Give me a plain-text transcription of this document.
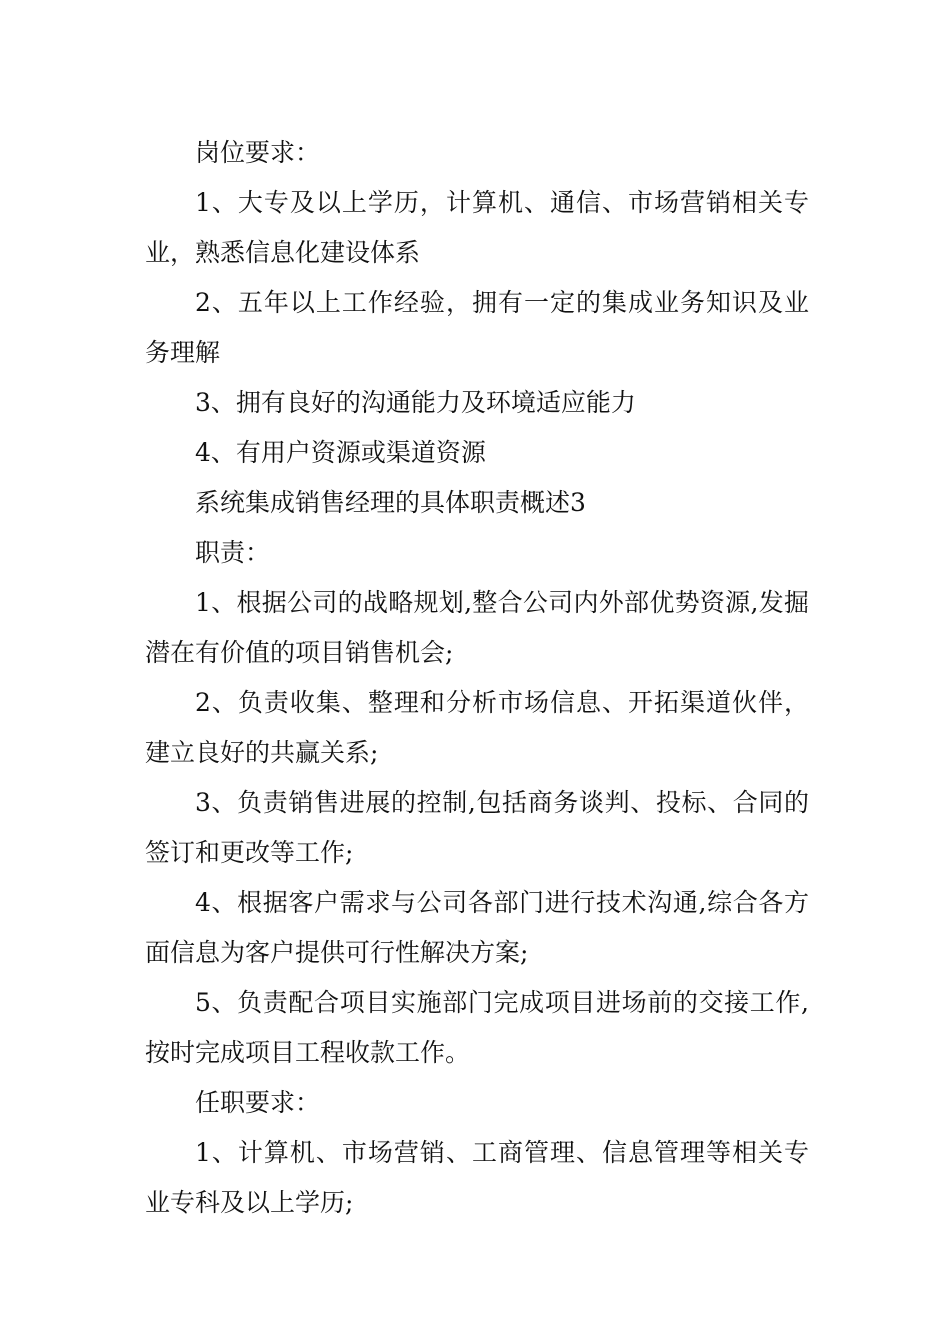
岗位要求：

1、大专及以上学历，计算机、通信、市场营销相关专业，熟悉信息化建设体系

2、五年以上工作经验，拥有一定的集成业务知识及业务理解

3、拥有良好的沟通能力及环境适应能力

4、有用户资源或渠道资源

系统集成销售经理的具体职责概述3

职责：

1、根据公司的战略规划,整合公司内外部优势资源,发掘潜在有价值的项目销售机会;

2、负责收集、整理和分析市场信息、开拓渠道伙伴，建立良好的共赢关系;

3、负责销售进展的控制,包括商务谈判、投标、合同的签订和更改等工作;

4、根据客户需求与公司各部门进行技术沟通,综合各方面信息为客户提供可行性解决方案;

5、负责配合项目实施部门完成项目进场前的交接工作,按时完成项目工程收款工作。

任职要求：

1、计算机、市场营销、工商管理、信息管理等相关专业专科及以上学历;
